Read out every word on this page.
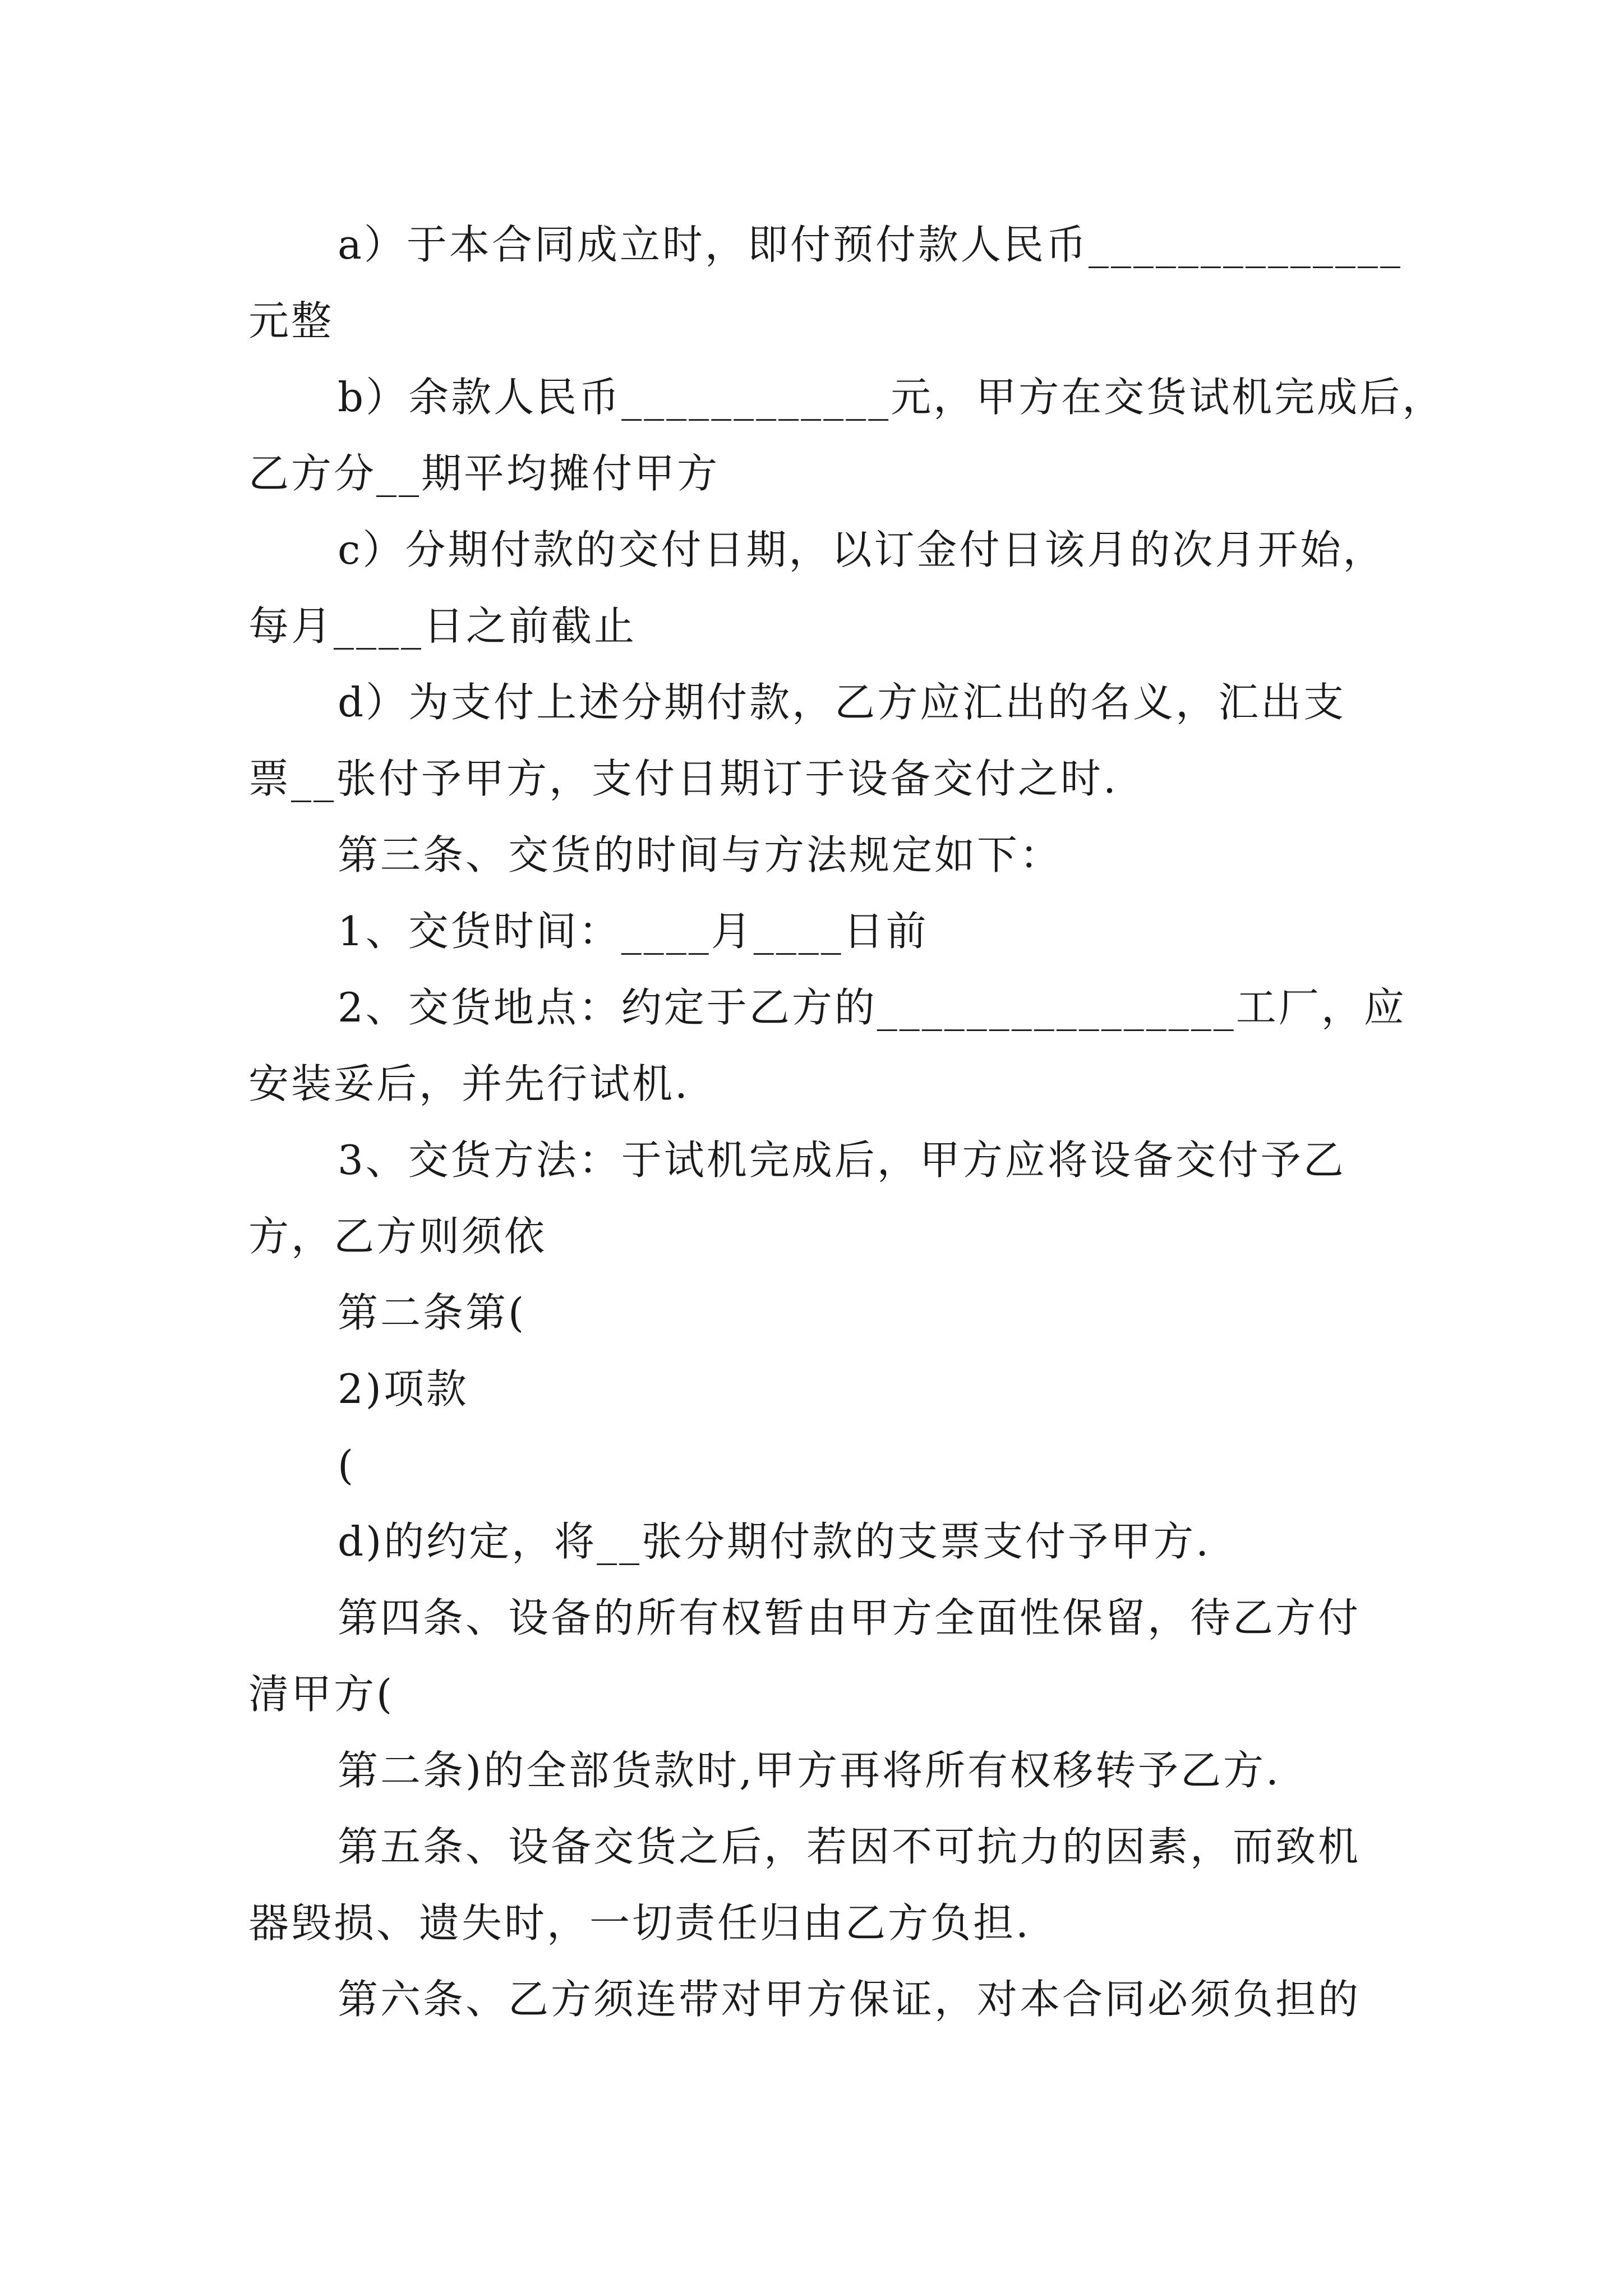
a）于本合同成立时，即付预付款人民币______________
元整
b）余款人民币____________元，甲方在交货试机完成后，
乙方分__期平均摊付甲方
c）分期付款的交付日期，以订金付日该月的次月开始，
每月____日之前截止
d）为支付上述分期付款，乙方应汇出的名义，汇出支
票__张付予甲方，支付日期订于设备交付之时.
第三条、交货的时间与方法规定如下：
1、交货时间：____月____日前
2、交货地点：约定于乙方的________________工厂，应
安装妥后，并先行试机.
3、交货方法：于试机完成后，甲方应将设备交付予乙
方，乙方则须依
第二条第(
2)项款
(
d)的约定，将__张分期付款的支票支付予甲方.
第四条、设备的所有权暂由甲方全面性保留，待乙方付
清甲方(
第二条)的全部货款时,甲方再将所有权移转予乙方.
第五条、设备交货之后，若因不可抗力的因素，而致机
器毁损、遗失时，一切责任归由乙方负担.
第六条、乙方须连带对甲方保证，对本合同必须负担的
